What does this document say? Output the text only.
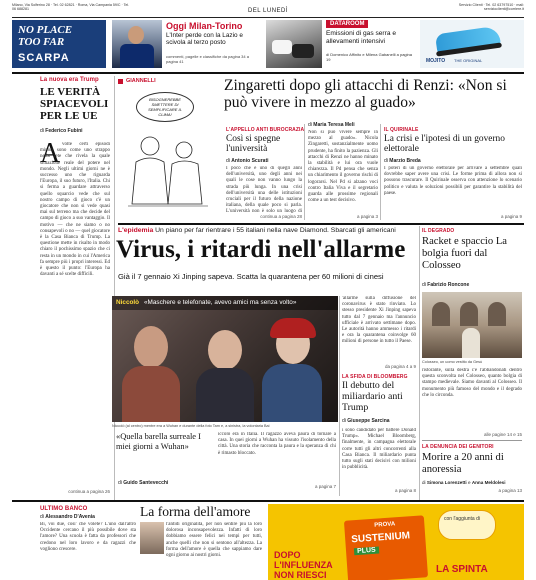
Milano, Via Solferino 28 · Tel. 02 62821 · Roma, Via Campania 59/C · Tel. 06 688281	DEL LUNEDÌ
Servizio Clienti · Tel. 02 63797510 · mail: servizioclienti@corriere.it
NO PLACE
TOO FAR
SCARPA
Oggi Milan-Torino
L'Inter perde con la Lazio e scivola al terzo posto
commenti, pagelle e classifiche da pagina 34 a pagina 41
DATAROOM
Emissioni di gas serra e allevamenti intensivi
di Domenico Affinito e Milena Gabanelli a pagina 19	MOJITO THE ORIGINAL
La nuova era Trump
LE VERITÀ SPIACEVOLI PER LE UE
di Federico Fubini
A volte certi episodi minori sono come uno strappo nella rete che rivela la quale situazione reale del potere nel mondo. Negli ultimi giorni ne è successo uno che riguarda l'Europa, il suo futuro, l'Italia. Chi si ferma a guardare attraverso quello squarcio vede che sul nostro campo di gioco c'è un giocatore che non si vede quasi mai sul terreno ma che decide del campo di gioco a suo vantaggio. Il motivo — che ne siamo o no consapevoli o no — quel giocatore è la Casa Bianca di Trump. La questione mette in risalto in modo chiaro il pochissimo spazio che ci resta in un mondo in cui l'America fa sempre più i propri interessi. Ed è questo il punto: l'Europa ha davanti a sé scelte difficili.
continua a pagina 26
GIANNELLI
BISOGNEREBBE SMETTERE DI SEMPLIFICARE IL CLIMA!
Zingaretti dopo gli attacchi di Renzi: «Non si può vivere in mezzo al guado»
L'APPELLO ANTI BUROCRAZIA
Così si spegne l'università
di Antonio Scurati
I poco che è uno di quegli anni dell'università, uno degli anni nei quali le cose non vanno lungo la strada più lunga. In una crisi dell'università una delle istituzioni cruciali per il futuro della nazione italiana, della quale poco si parla. L'università non è solo un luogo di
continua a pagina 28
di Maria Teresa Meli
Non si può vivere sempre in mezzo al guado». Nicola Zingaretti, sostanzialmente uomo prudente, ha finito la pazienza. Gli attacchi di Renzi ne hanno minato la stabilità e lui ora vuole chiarezza. Il Pd pensa che senza un chiarimento il governo rischi di logorarsi. Nel Pd si alzano voci contro Italia Viva e il segretario guarda alle prossime regionali come a un test decisivo.
a pagina 3
IL QUIRINALE
La crisi e l'ipotesi di un governo elettorale
di Marzio Breda
I poteri di un governo elettorale per arrivare a settembre quali dovrebbe saper avere una crisi. Le forme prima di allora non si possono trascurare. Il Quirinale osserva con attenzione lo scenario politico e valuta le soluzioni possibili per garantire la stabilità del paese.
a pagina 9
L'epidemia Un piano per far rientrare i 55 italiani nella nave Diamond. Sbarcati gli americani
Virus, i ritardi nell'allarme
Già il 7 gennaio Xi Jinping sapeva. Scatta la quarantena per 60 milioni di cinesi
Niccolò «Maschere e telefonate, avevo amici ma senza volto»
Niccolò (al centro) mentre era a Wuhan e durante della foto Tam e, a sinistra, la volontaria Bai
'allarme sulla diffusione del coronavirus è stato rinviato. Lo stesso presidente Xi Jinping sapeva tutto dal 7 gennaio ma l'annuncio ufficiale è arrivato settimane dopo. Le autorità hanno ammesso i ritardi e ora la quarantena coinvolge 60 milioni di persone in tutto il Paese.
da pagina 4 a 9
«Quella barella surreale I miei giorni a Wuhan»
di Guido Santevecchi
iccolò era in Italia. Il ragazzo aveva paura di tornare a casa. In quei giorni a Wuhan ha vissuto l'isolamento della città. Una storia che racconta la paura e la speranza di chi è rimasto bloccato.
a pagina 7
LA SFIDA DI BLOOMBERG
Il debutto del miliardario anti Trump
di Giuseppe Sarcina
i sono candidato per battere Donald Trump». Michael Bloomberg, finalmente, in campagna elettorale corre tutti gli altri concorrenti alla Casa Bianca. Il miliardario punta tutto sugli stati decisivi con milioni in pubblicità.
a pagina 8
IL DEGRADO
Racket e spaccio La bolgia fuori dal Colosseo
di Fabrizio Roncone
Colosseo, un uomo vestito da Gesù
ristorante, sulla destra c'è l'abbandonati dentro questa sconvolta nel Colosseo, quanto bolgia di stampo medievale. Siamo davanti al Colosseo. Il monumento più famoso del mondo e il degrado che lo circonda.
alle pagine 14 e 15
LA DENUNCIA DEI GENITORI
Morire a 20 anni di anoressia
di Simona Lorenzetti e Anna Meldolesi
a pagina 13
ULTIMO BANCO
di Alessandro D'Avenia
Bi, voi due, cosi' che volete? L'uno dall'altro Occidente cercano il più possibile dove sta l'amore? Una scuola è fatta da professori che credono nel loro lavoro e da ragazzi che vogliono crescere.
La forma dell'amore
l'antidi originalità, per non sentire più la loro dolorosa inconsapevolezza. Infatti di loro dobbiamo essere felici nei tempi per tutti, anche quelli che non si sentono all'altezza. La forma dell'amore è quella che sappiamo dare ogni giorno ai nostri giorni.	DOPO
L'INFLUENZA
NON RIESCI
PROVA
SUSTENIUM
PLUS
con l'aggiunta di
LA SPINTA
